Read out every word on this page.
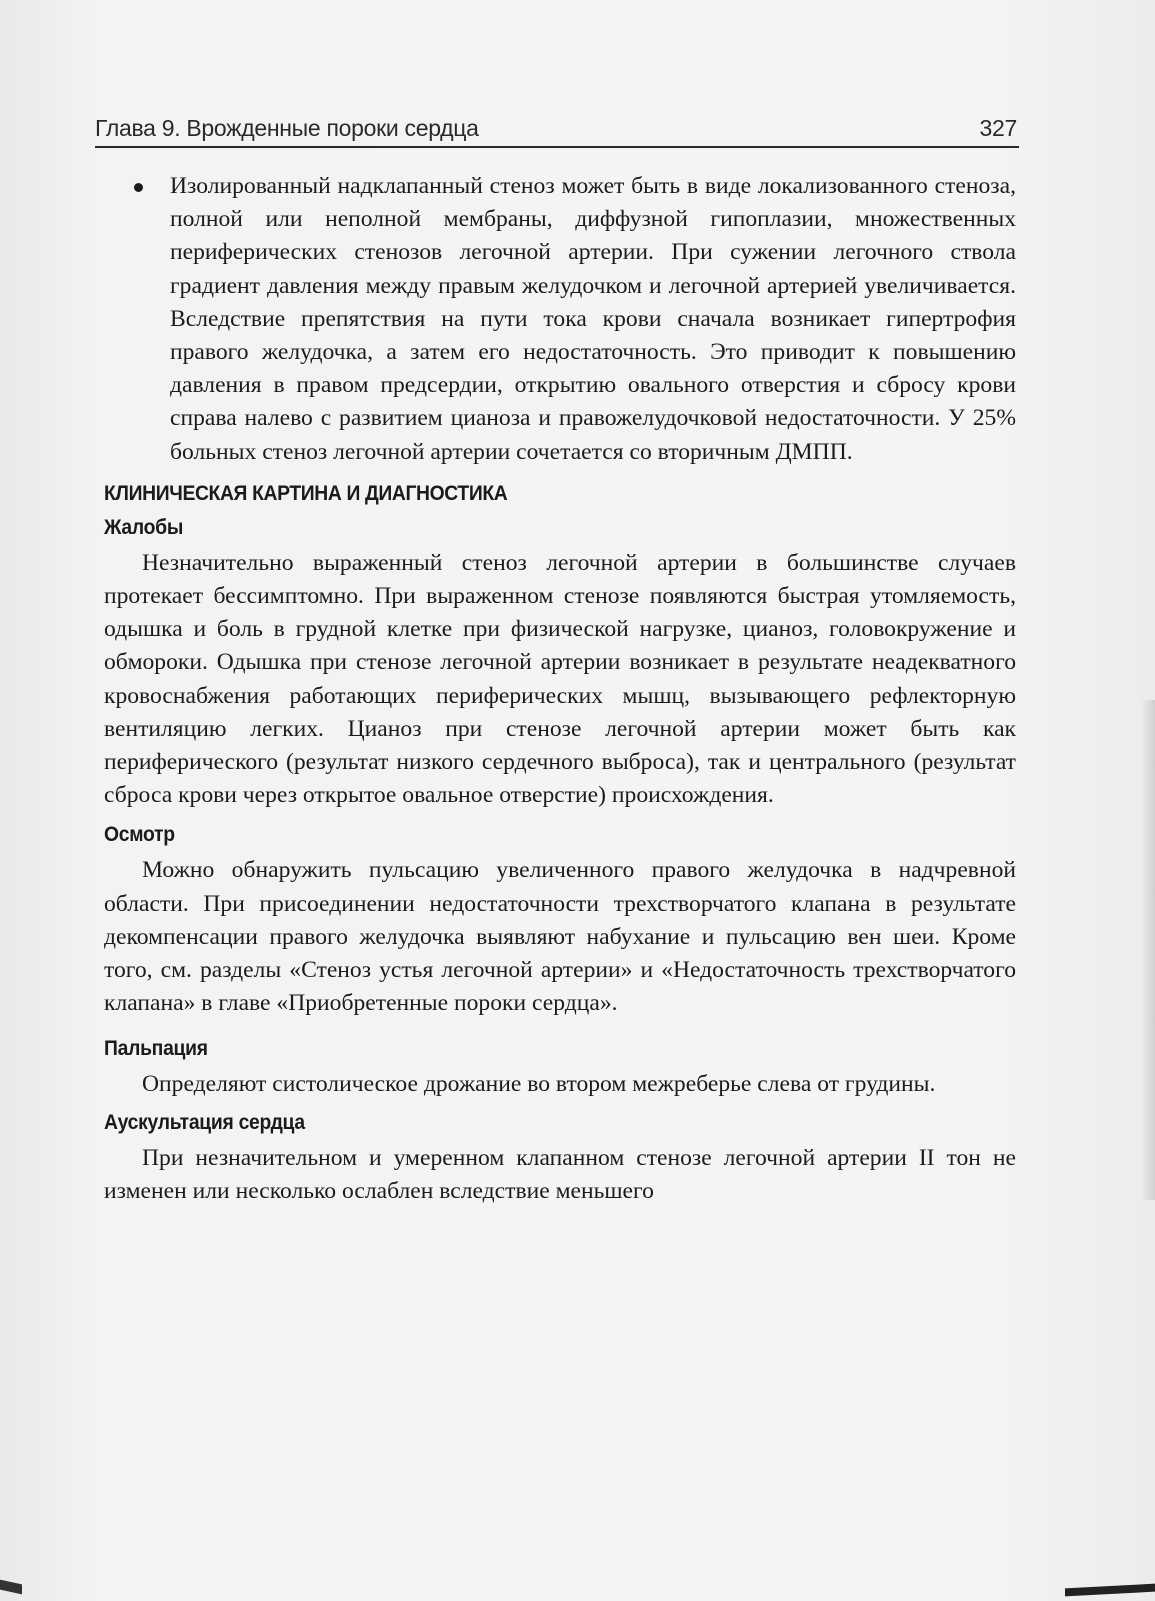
Глава 9. Врожденные пороки сердца	327
Изолированный надклапанный стеноз может быть в виде локализованного стеноза, полной или неполной мембраны, диффузной гипоплазии, множественных периферических стенозов легочной артерии. При сужении легочного ствола градиент давления между правым желудочком и легочной артерией увеличивается. Вследствие препятствия на пути тока крови сначала возникает гипертрофия правого желудочка, а затем его недостаточность. Это приводит к повышению давления в правом предсердии, открытию овального отверстия и сбросу крови справа налево с развитием цианоза и правожелудочковой недостаточности. У 25% больных стеноз легочной артерии сочетается со вторичным ДМПП.
КЛИНИЧЕСКАЯ КАРТИНА И ДИАГНОСТИКА
Жалобы
Незначительно выраженный стеноз легочной артерии в большинстве случаев протекает бессимптомно. При выраженном стенозе появляются быстрая утомляемость, одышка и боль в грудной клетке при физической нагрузке, цианоз, головокружение и обмороки. Одышка при стенозе легочной артерии возникает в результате неадекватного кровоснабжения работающих периферических мышц, вызывающего рефлекторную вентиляцию легких. Цианоз при стенозе легочной артерии может быть как периферического (результат низкого сердечного выброса), так и центрального (результат сброса крови через открытое овальное отверстие) происхождения.
Осмотр
Можно обнаружить пульсацию увеличенного правого желудочка в надчревной области. При присоединении недостаточности трехстворчатого клапана в результате декомпенсации правого желудочка выявляют набухание и пульсацию вен шеи. Кроме того, см. разделы «Стеноз устья легочной артерии» и «Недостаточность трехстворчатого клапана» в главе «Приобретенные пороки сердца».
Пальпация
Определяют систолическое дрожание во втором межреберье слева от грудины.
Аускультация сердца
При незначительном и умеренном клапанном стенозе легочной артерии II тон не изменен или несколько ослаблен вследствие меньшего
